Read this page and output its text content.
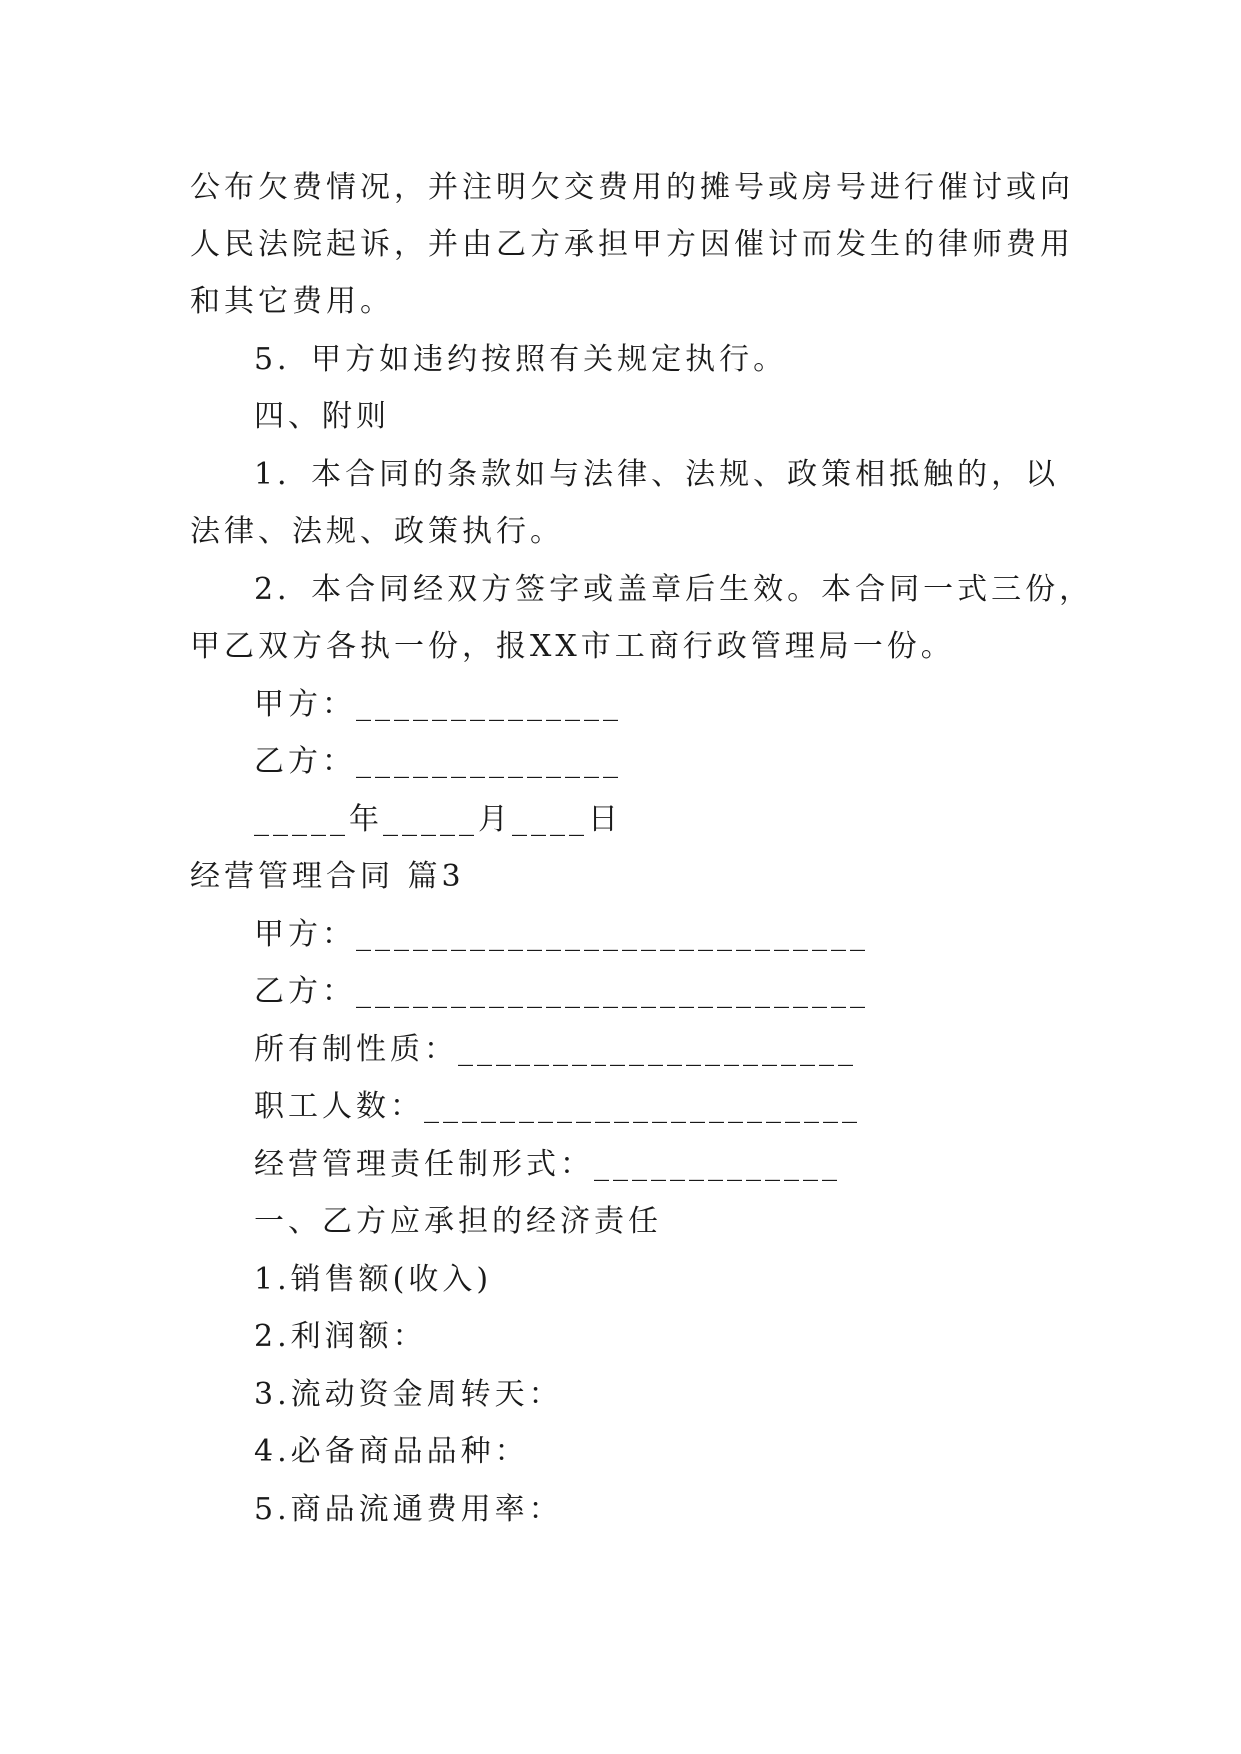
公布欠费情况，并注明欠交费用的摊号或房号进行催讨或向
人民法院起诉，并由乙方承担甲方因催讨而发生的律师费用
和其它费用。
5．甲方如违约按照有关规定执行。
四、附则
1．本合同的条款如与法律、法规、政策相抵触的，以
法律、法规、政策执行。
2．本合同经双方签字或盖章后生效。本合同一式三份，
甲乙双方各执一份，报XX市工商行政管理局一份。
甲方：______________
乙方：______________
_____年_____月____日
经营管理合同 篇3
甲方：___________________________
乙方：___________________________
所有制性质：_____________________
职工人数：_______________________
经营管理责任制形式：_____________
一、乙方应承担的经济责任
1.销售额(收入)
2.利润额：
3.流动资金周转天：
4.必备商品品种：
5.商品流通费用率：
